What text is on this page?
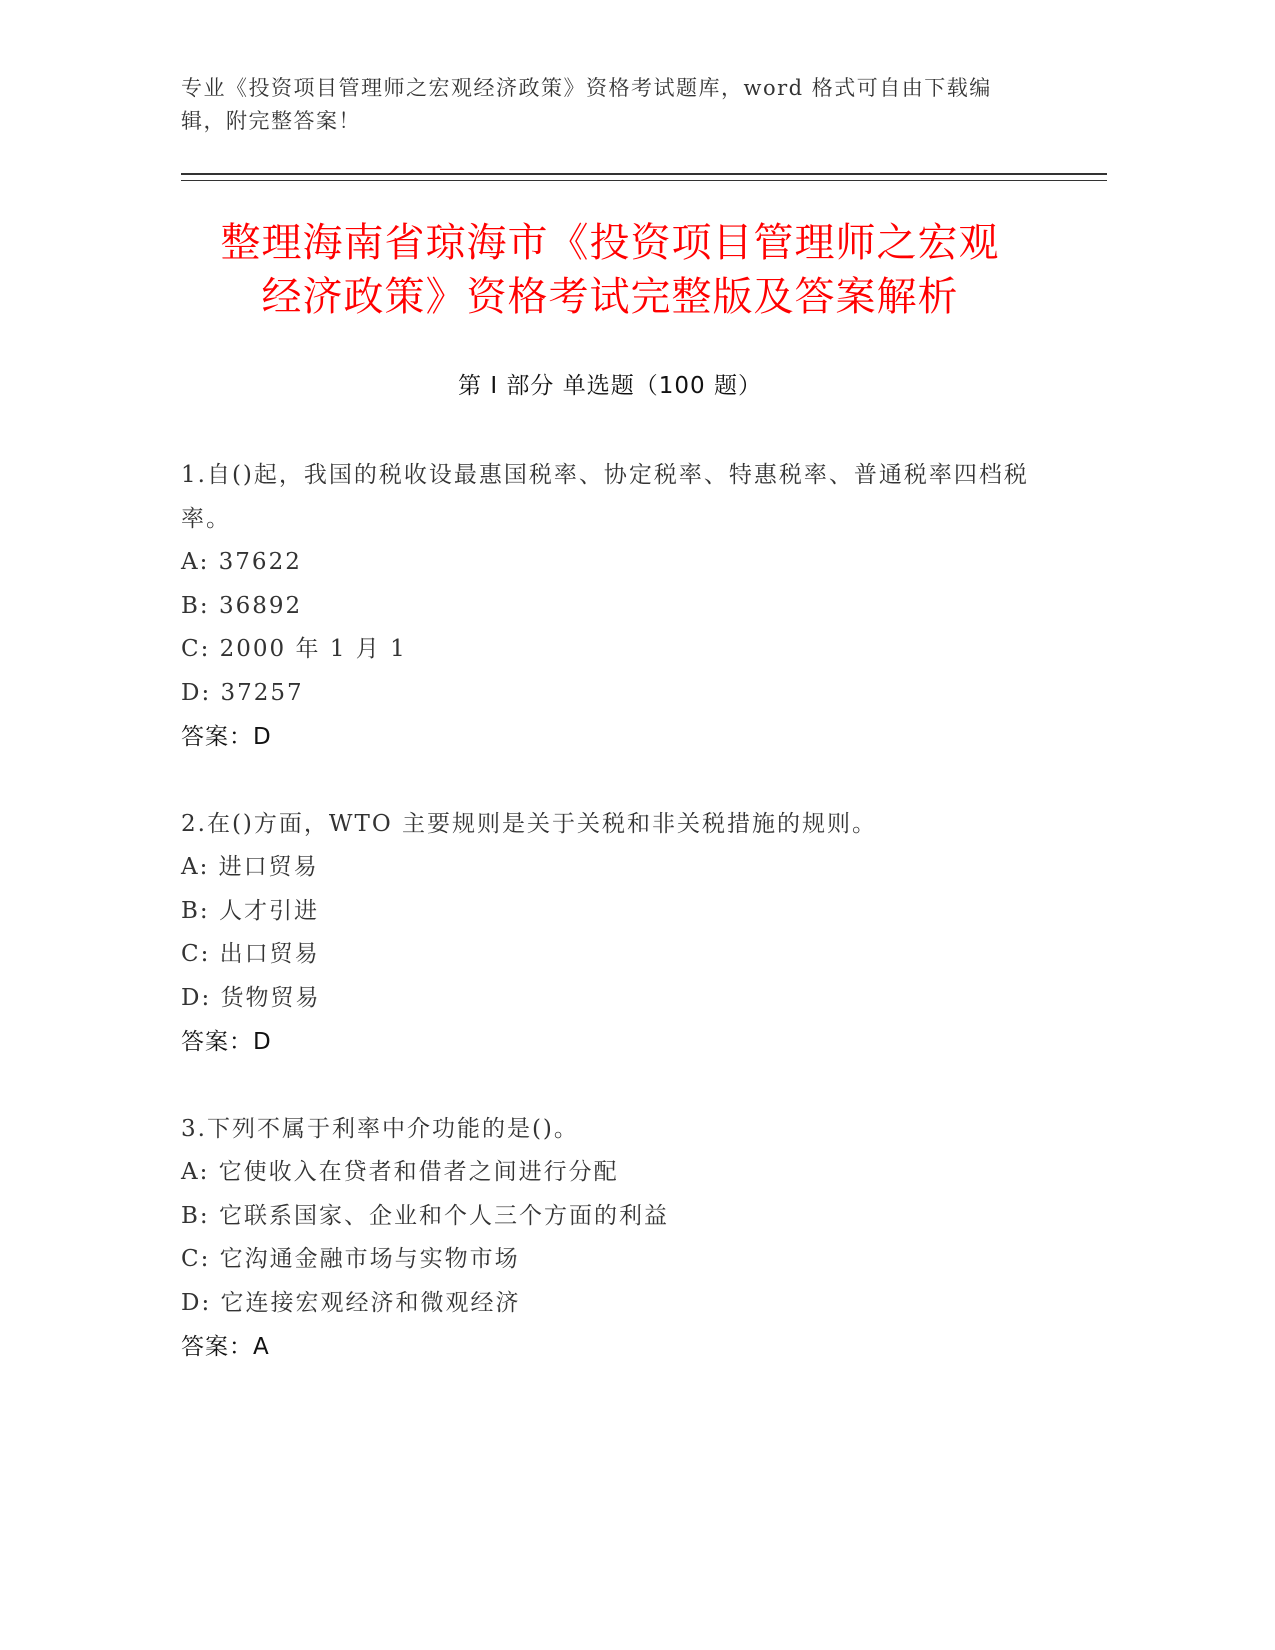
专业《投资项目管理师之宏观经济政策》资格考试题库，word 格式可自由下载编辑，附完整答案！
整理海南省琼海市《投资项目管理师之宏观
经济政策》资格考试完整版及答案解析
第 I 部分 单选题（100 题）
1.自()起，我国的税收设最惠国税率、协定税率、特惠税率、普通税率四档税率。
A: 37622
B: 36892
C: 2000 年 1 月 1
D: 37257
答案：D
2.在()方面，WTO 主要规则是关于关税和非关税措施的规则。
A: 进口贸易
B: 人才引进
C: 出口贸易
D: 货物贸易
答案：D
3.下列不属于利率中介功能的是()。
A: 它使收入在贷者和借者之间进行分配
B: 它联系国家、企业和个人三个方面的利益
C: 它沟通金融市场与实物市场
D: 它连接宏观经济和微观经济
答案：A
